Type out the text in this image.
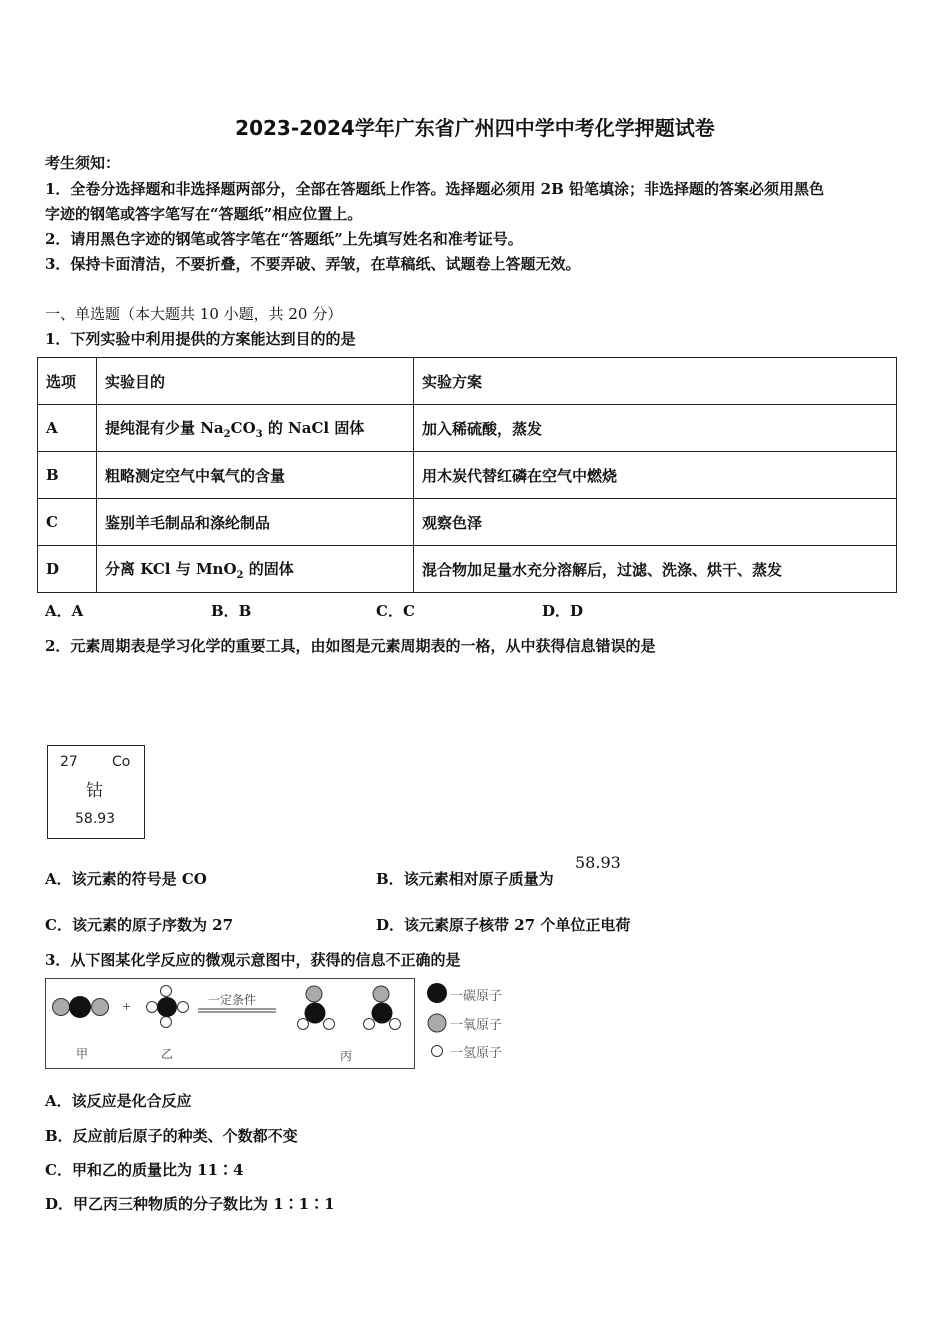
2023-2024学年广东省广州四中学中考化学押题试卷
考生须知：
1．全卷分选择题和非选择题两部分，全部在答题纸上作答。选择题必须用 2B 铅笔填涂；非选择题的答案必须用黑色
字迹的钢笔或答字笔写在“答题纸”相应位置上。
2．请用黑色字迹的钢笔或答字笔在“答题纸”上先填写姓名和准考证号。
3．保持卡面清洁，不要折叠，不要弄破、弄皱，在草稿纸、试题卷上答题无效。
一、单选题（本大题共 10 小题，共 20 分）
1．下列实验中利用提供的方案能达到目的的是
选项	实验目的	实验方案
A	提纯混有少量 $Na_2CO_3$ 的 NaCl 固体	加入稀硫酸，蒸发
B	粗略测定空气中氧气的含量	用木炭代替红磷在空气中燃烧
C	鉴别羊毛制品和涤纶制品	观察色泽
D	分离 KCl 与 MnO$_2$ 的固体	混合物加足量水充分溶解后，过滤、洗涤、烘干、蒸发
A．A	B．B	C．C	D．D
2．元素周期表是学习化学的重要工具，由如图是元素周期表的一格，从中获得信息错误的是
27 Co
钴
58.93
A．该元素的符号是 CO	B．该元素相对原子质量为
58.93
C．该元素的原子序数为 27	D．该元素原子核带 27 个单位正电荷
3．从下图某化学反应的微观示意图中，获得的信息不正确的是
+	一定条件
甲	乙	丙
一碳原子
一氧原子
一氢原子
A．该反应是化合反应
B．反应前后原子的种类、个数都不变
C．甲和乙的质量比为 11∶4
D．甲乙丙三种物质的分子数比为 1∶1∶1
